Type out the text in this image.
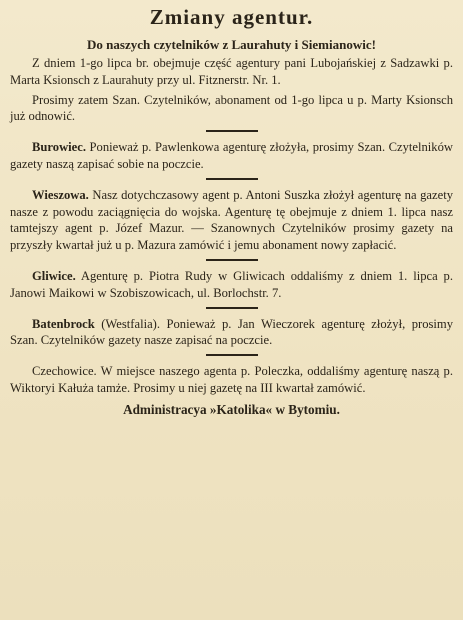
Zmiany agentur.
Do naszych czytelników z Laurahuty i Siemianowic!

Z dniem 1-go lipca br. obejmuje część agentury pani Lubojańskiej z Sadzawki p. Marta Ksionsch z Laurahuty przy ul. Fitznerstr. Nr. 1.

Prosimy zatem Szan. Czytelników, abonament od 1-go lipca u p. Marty Ksionsch już odnowić.

Burowiec. Ponieważ p. Pawlenkowa agenturę złożyła, prosimy Szan. Czytelników gazety naszą zapisać sobie na poczcie.

Wieszowa. Nasz dotychczasowy agent p. Antoni Suszka złożył agenturę na gazety nasze z powodu zaciągnięcia do wojska. Agenturę tę obejmuje z dniem 1. lipca nasz tamtejszy agent p. Józef Mazur. — Szanownych Czytelników prosimy gazety na przyszły kwartał już u p. Mazura zamówić i jemu abonament nowy zapłacić.

Gliwice. Agenturę p. Piotra Rudy w Gliwicach oddaliśmy z dniem 1. lipca p. Janowi Maikowi w Szobiszowicach, ul. Borlochstr. 7.

Batenbrock (Westfalia). Ponieważ p. Jan Wieczorek agenturę złożył, prosimy Szan. Czytelników gazety nasze zapisać na poczcie.

Czechowice. W miejsce naszego agenta p. Poleczka, oddaliśmy agenturę naszą p. Wiktoryi Kałuża tamże. Prosimy u niej gazetę na III kwartał zamówić.

Administracya »Katolika« w Bytomiu.
